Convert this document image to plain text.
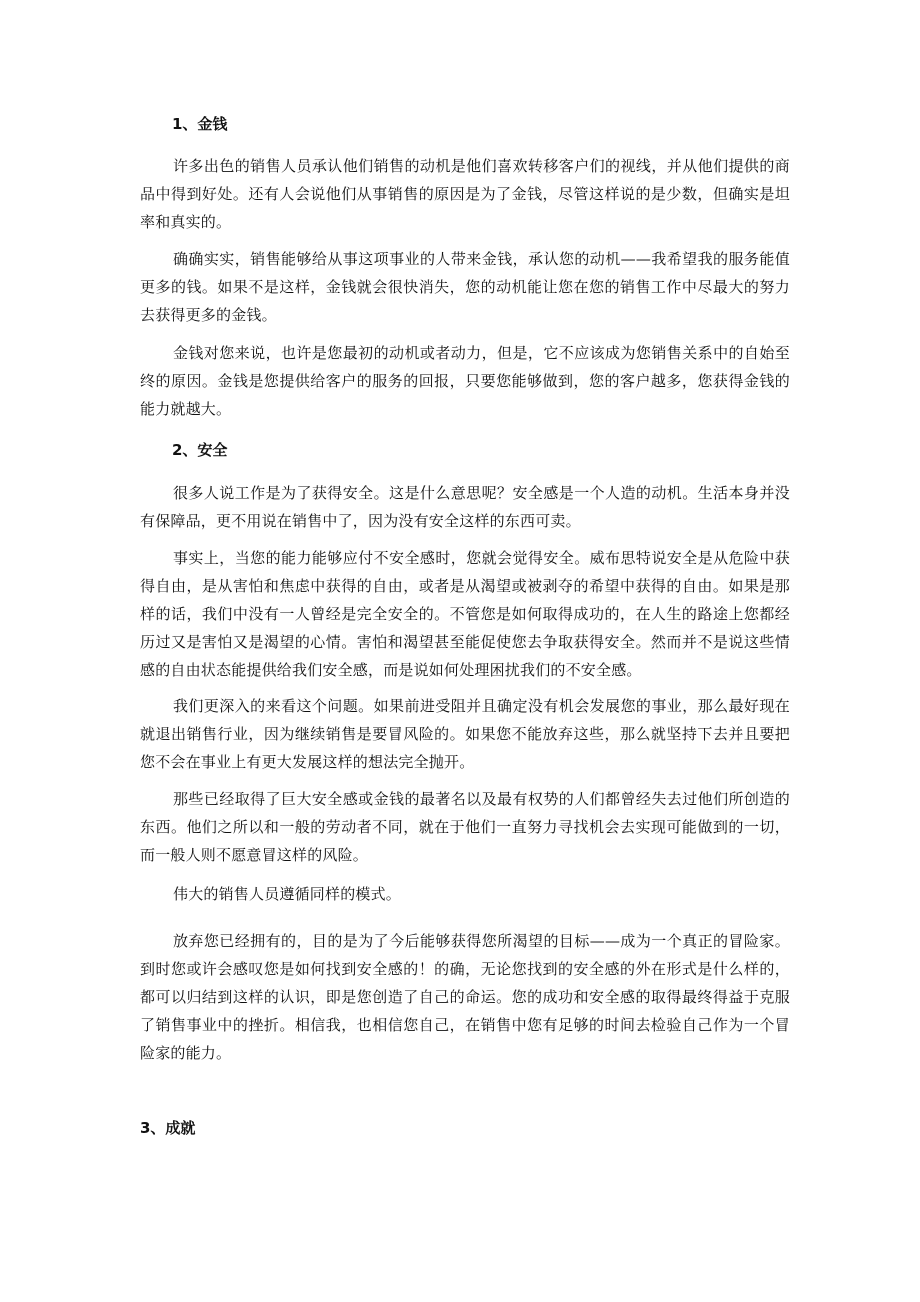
1、金钱

许多出色的销售人员承认他们销售的动机是他们喜欢转移客户们的视线，并从他们提供的商品中得到好处。还有人会说他们从事销售的原因是为了金钱，尽管这样说的是少数，但确实是坦率和真实的。

确确实实，销售能够给从事这项事业的人带来金钱，承认您的动机——我希望我的服务能值更多的钱。如果不是这样，金钱就会很快消失，您的动机能让您在您的销售工作中尽最大的努力去获得更多的金钱。

金钱对您来说，也许是您最初的动机或者动力，但是，它不应该成为您销售关系中的自始至终的原因。金钱是您提供给客户的服务的回报，只要您能够做到，您的客户越多，您获得金钱的能力就越大。

2、安全

很多人说工作是为了获得安全。这是什么意思呢？安全感是一个人造的动机。生活本身并没有保障品，更不用说在销售中了，因为没有安全这样的东西可卖。

事实上，当您的能力能够应付不安全感时，您就会觉得安全。威布思特说安全是从危险中获得自由，是从害怕和焦虑中获得的自由，或者是从渴望或被剥夺的希望中获得的自由。如果是那样的话，我们中没有一人曾经是完全安全的。不管您是如何取得成功的，在人生的路途上您都经历过又是害怕又是渴望的心情。害怕和渴望甚至能促使您去争取获得安全。然而并不是说这些情感的自由状态能提供给我们安全感，而是说如何处理困扰我们的不安全感。

我们更深入的来看这个问题。如果前进受阻并且确定没有机会发展您的事业，那么最好现在就退出销售行业，因为继续销售是要冒风险的。如果您不能放弃这些，那么就坚持下去并且要把您不会在事业上有更大发展这样的想法完全抛开。

那些已经取得了巨大安全感或金钱的最著名以及最有权势的人们都曾经失去过他们所创造的东西。他们之所以和一般的劳动者不同，就在于他们一直努力寻找机会去实现可能做到的一切，而一般人则不愿意冒这样的风险。

伟大的销售人员遵循同样的模式。

放弃您已经拥有的，目的是为了今后能够获得您所渴望的目标——成为一个真正的冒险家。到时您或许会感叹您是如何找到安全感的！的确，无论您找到的安全感的外在形式是什么样的，都可以归结到这样的认识，即是您创造了自己的命运。您的成功和安全感的取得最终得益于克服了销售事业中的挫折。相信我，也相信您自己，在销售中您有足够的时间去检验自己作为一个冒险家的能力。

3、成就
